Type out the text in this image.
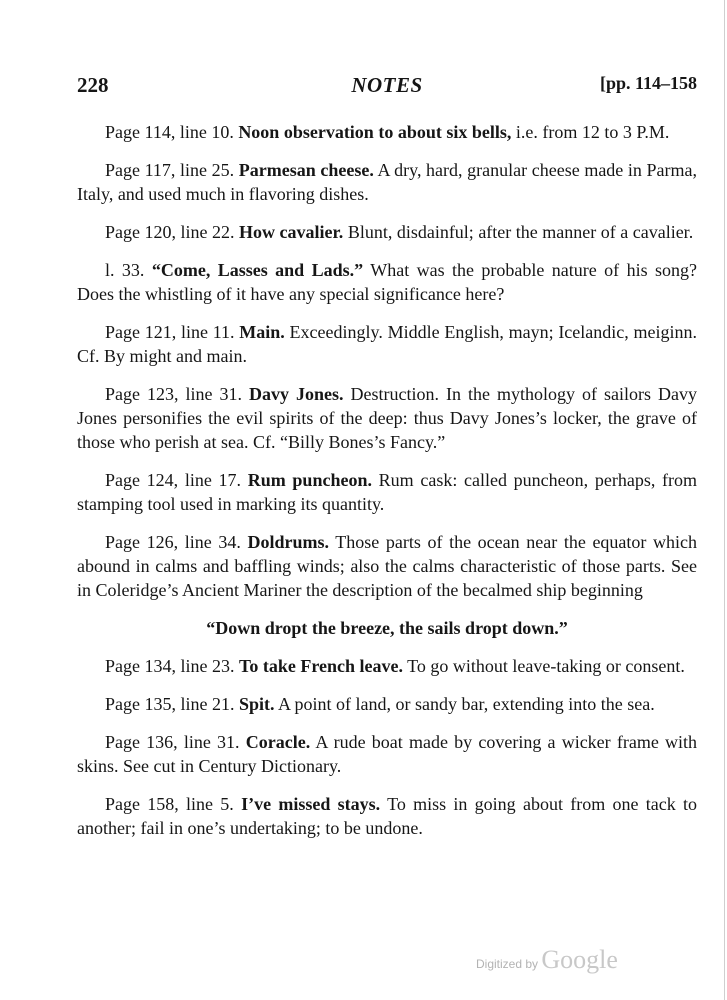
228	NOTES	[pp. 114–158

Page 114, line 10. Noon observation to about six bells, i.e. from 12 to 3 P.M.

Page 117, line 25. Parmesan cheese. A dry, hard, granular cheese made in Parma, Italy, and used much in flavoring dishes.

Page 120, line 22. How cavalier. Blunt, disdainful; after the manner of a cavalier.

l. 33. “Come, Lasses and Lads.” What was the probable nature of his song? Does the whistling of it have any special significance here?

Page 121, line 11. Main. Exceedingly. Middle English, mayn; Icelandic, meiginn. Cf. By might and main.

Page 123, line 31. Davy Jones. Destruction. In the mythology of sailors Davy Jones personifies the evil spirits of the deep: thus Davy Jones’s locker, the grave of those who perish at sea. Cf. “Billy Bones’s Fancy.”

Page 124, line 17. Rum puncheon. Rum cask: called puncheon, perhaps, from stamping tool used in marking its quantity.

Page 126, line 34. Doldrums. Those parts of the ocean near the equator which abound in calms and baffling winds; also the calms characteristic of those parts. See in Coleridge’s Ancient Mariner the description of the becalmed ship beginning

“Down dropt the breeze, the sails dropt down.”

Page 134, line 23. To take French leave. To go without leave-taking or consent.

Page 135, line 21. Spit. A point of land, or sandy bar, extending into the sea.

Page 136, line 31. Coracle. A rude boat made by covering a wicker frame with skins. See cut in Century Dictionary.

Page 158, line 5. I’ve missed stays. To miss in going about from one tack to another; fail in one’s undertaking; to be undone.

Digitized by Google
